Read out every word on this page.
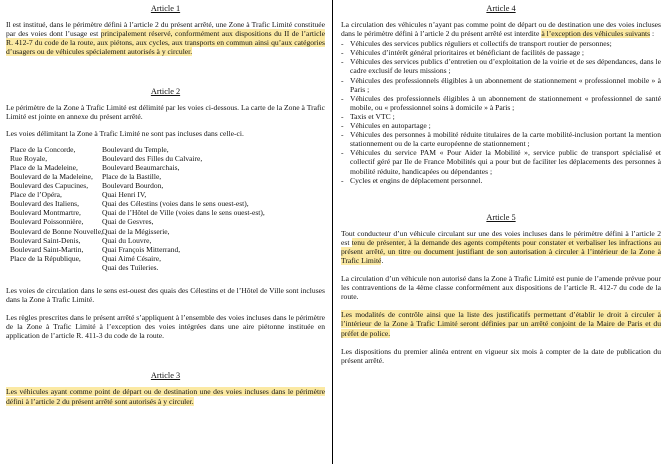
Article 1

Il est institué, dans le périmètre défini à l’article 2 du présent arrêté, une Zone à Trafic Limité constituée par des voies dont l’usage est principalement réservé, conformément aux dispositions du II de l’article R. 412-7 du code de la route, aux piétons, aux cycles, aux transports en commun ainsi qu’aux catégories d’usagers ou de véhicules spécialement autorisés à y circuler.

Article 2

Le périmètre de la Zone à Trafic Limité est délimité par les voies ci-dessous. La carte de la Zone à Trafic Limité est jointe en annexe du présent arrêté.

Les voies délimitant la Zone à Trafic Limité ne sont pas incluses dans celle-ci.

Place de la Concorde,
Rue Royale,
Place de la Madeleine,
Boulevard de la Madeleine,
Boulevard des Capucines,
Place de l’Opéra,
Boulevard des Italiens,
Boulevard Montmartre,
Boulevard Poissonnière,
Boulevard de Bonne Nouvelle,
Boulevard Saint-Denis,
Boulevard Saint-Martin,
Place de la République,
Boulevard du Temple,
Boulevard des Filles du Calvaire,
Boulevard Beaumarchais,
Place de la Bastille,
Boulevard Bourdon,
Quai Henri IV,
Quai des Célestins (voies dans le sens ouest-est),
Quai de l’Hôtel de Ville (voies dans le sens ouest-est),
Quai de Gesvres,
Quai de la Mégisserie,
Quai du Louvre,
Quai François Mitterrand,
Quai Aimé Césaire,
Quai des Tuileries.

Les voies de circulation dans le sens est-ouest des quais des Célestins et de l’Hôtel de Ville sont incluses dans la Zone à Trafic Limité.

Les règles prescrites dans le présent arrêté s’appliquent à l’ensemble des voies incluses dans le périmètre de la Zone à Trafic Limité à l’exception des voies intégrées dans une aire piétonne instituée en application de l’article R. 411-3 du code de la route.

Article 3

Les véhicules ayant comme point de départ ou de destination une des voies incluses dans le périmètre défini à l’article 2 du présent arrêté sont autorisés à y circuler.

Article 4

La circulation des véhicules n’ayant pas comme point de départ ou de destination une des voies incluses dans le périmètre défini à l’article 2 du présent arrêté est interdite à l’exception des véhicules suivants :

- Véhicules des services publics réguliers et collectifs de transport routier de personnes;
- Véhicules d’intérêt général prioritaires et bénéficiant de facilités de passage ;
- Véhicules des services publics d’entretien ou d’exploitation de la voirie et de ses dépendances, dans le cadre exclusif de leurs missions ;
- Véhicules des professionnels éligibles à un abonnement de stationnement « professionnel mobile » à Paris ;
- Véhicules des professionnels éligibles à un abonnement de stationnement « professionnel de santé mobile, ou « professionnel soins à domicile » à Paris ;
- Taxis et VTC ;
- Véhicules en autopartage ;
- Véhicules des personnes à mobilité réduite titulaires de la carte mobilité-inclusion portant la mention stationnement ou de la carte européenne de stationnement ;
- Véhicules du service PAM « Pour Aider la Mobilité », service public de transport spécialisé et collectif géré par Ile de France Mobilités qui a pour but de faciliter les déplacements des personnes à mobilité réduite, handicapées ou dépendantes ;
- Cycles et engins de déplacement personnel.
Article 5

Tout conducteur d’un véhicule circulant sur une des voies incluses dans le périmètre défini à l’article 2 est tenu de présenter, à la demande des agents compétents pour constater et verbaliser les infractions au présent arrêté, un titre ou document justifiant de son autorisation à circuler à l’intérieur de la Zone à Trafic Limité.

La circulation d’un véhicule non autorisé dans la Zone à Trafic Limité est punie de l’amende prévue pour les contraventions de la 4ème classe conformément aux dispositions de l’article R. 412-7 du code de la route.

Les modalités de contrôle ainsi que la liste des justificatifs permettant d’établir le droit à circuler à l’intérieur de la Zone à Trafic Limité seront définies par un arrêté conjoint de la Maire de Paris et du préfet de police.

Les dispositions du premier alinéa entrent en vigueur six mois à compter de la date de publication du présent arrêté.
